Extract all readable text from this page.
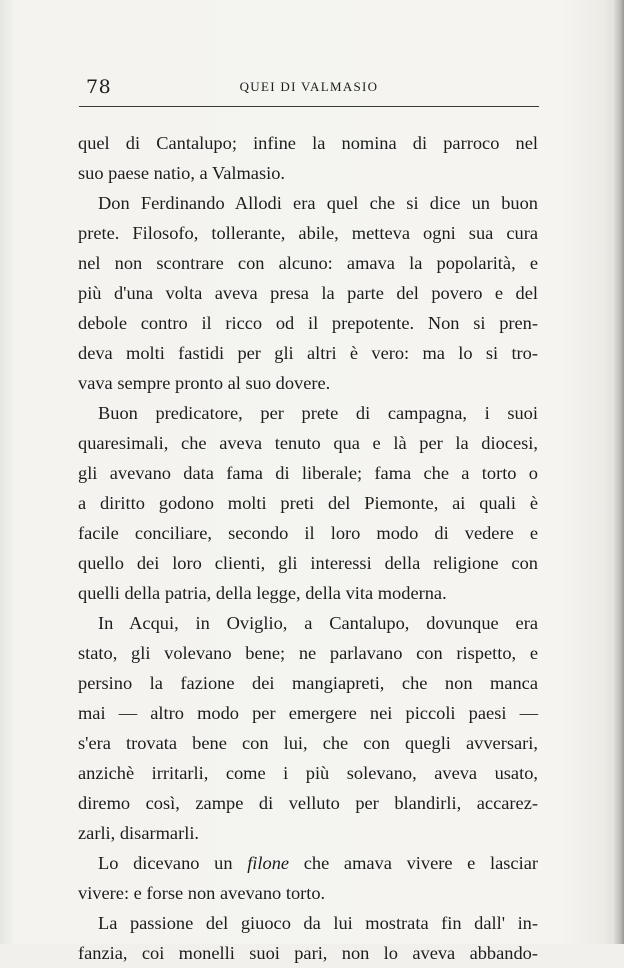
78	QUEI DI VALMASIO
quel di Cantalupo; infine la nomina di parroco nel
suo paese natio, a Valmasio.
Don Ferdinando Allodi era quel che si dice un buon
prete. Filosofo, tollerante, abile, metteva ogni sua cura
nel non scontrare con alcuno: amava la popolarità, e
più d'una volta aveva presa la parte del povero e del
debole contro il ricco od il prepotente. Non si pren-
deva molti fastidi per gli altri è vero: ma lo si tro-
vava sempre pronto al suo dovere.
Buon predicatore, per prete di campagna, i suoi
quaresimali, che aveva tenuto qua e là per la diocesi,
gli avevano data fama di liberale; fama che a torto o
a diritto godono molti preti del Piemonte, ai quali è
facile conciliare, secondo il loro modo di vedere e
quello dei loro clienti, gli interessi della religione con
quelli della patria, della legge, della vita moderna.
In Acqui, in Oviglio, a Cantalupo, dovunque era
stato, gli volevano bene; ne parlavano con rispetto, e
persino la fazione dei mangiapreti, che non manca
mai — altro modo per emergere nei piccoli paesi —
s'era trovata bene con lui, che con quegli avversari,
anzichè irritarli, come i più solevano, aveva usato,
diremo così, zampe di velluto per blandirli, accarez-
zarli, disarmarli.
Lo dicevano un filone che amava vivere e lasciar
vivere: e forse non avevano torto.
La passione del giuoco da lui mostrata fin dall' in-
fanzia, coi monelli suoi pari, non lo aveva abbando-
